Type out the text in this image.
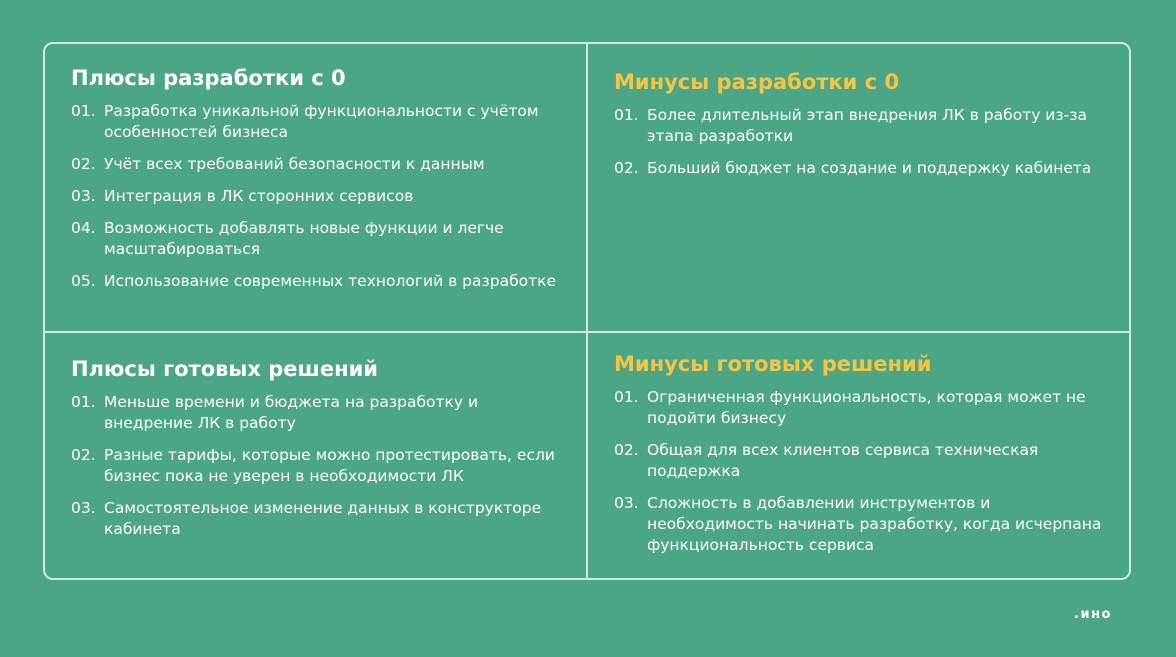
Плюсы разработки с 0
01. Разработка уникальной функциональности с учётом особенностей бизнеса
02. Учёт всех требований безопасности к данным
03. Интеграция в ЛК сторонних сервисов
04. Возможность добавлять новые функции и легче масштабироваться
05. Использование современных технологий в разработке
Минусы разработки с 0
01. Более длительный этап внедрения ЛК в работу из-за этапа разработки
02. Больший бюджет на создание и поддержку кабинета
Плюсы готовых решений
01. Меньше времени и бюджета на разработку и внедрение ЛК в работу
02. Разные тарифы, которые можно протестировать, если бизнес пока не уверен в необходимости ЛК
03. Самостоятельное изменение данных в конструкторе кабинета
Минусы готовых решений
01. Ограниченная функциональность, которая может не подойти бизнесу
02. Общая для всех клиентов сервиса техническая поддержка
03. Сложность в добавлении инструментов и необходимость начинать разработку, когда исчерпана функциональность сервиса
.ино
